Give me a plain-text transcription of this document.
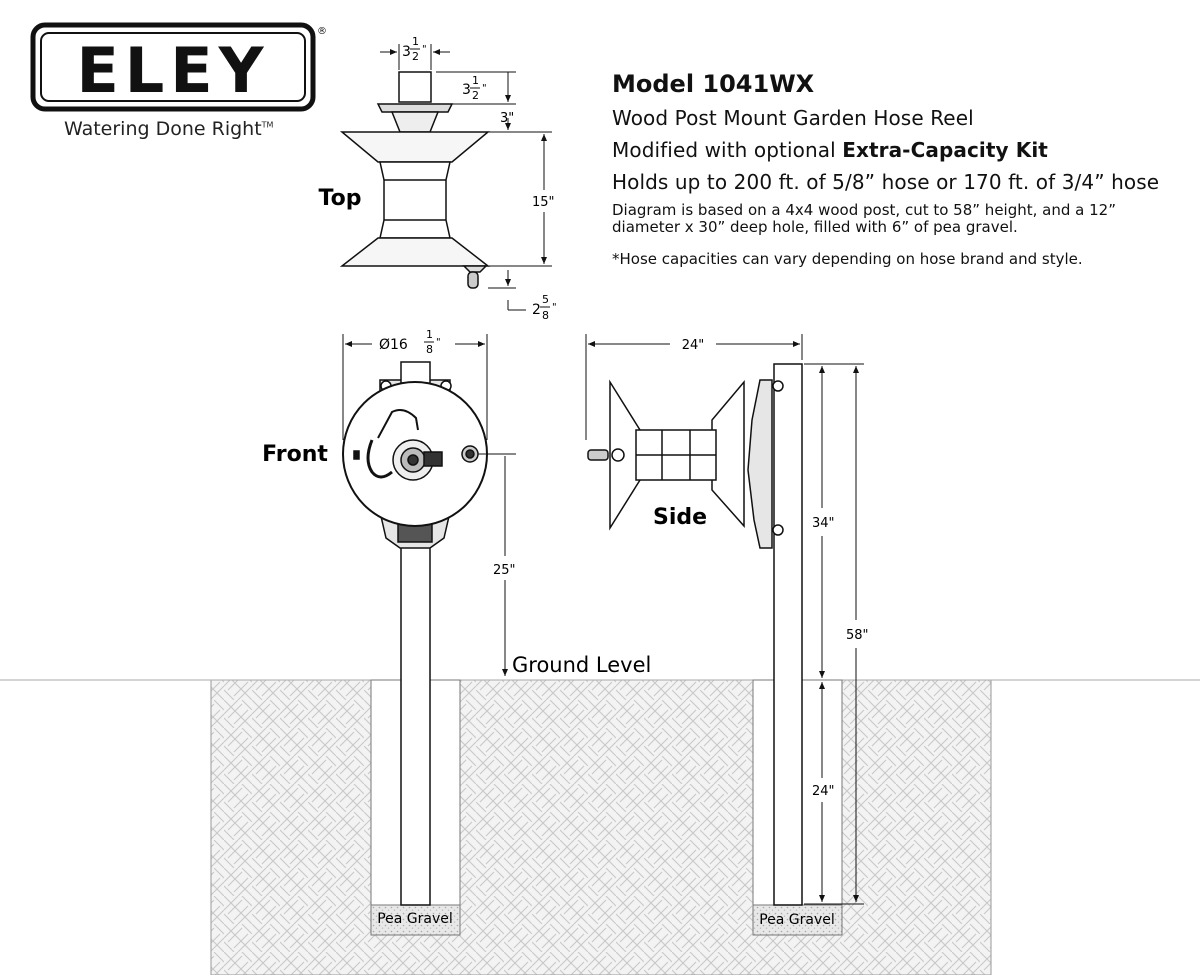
ELEY
®
Watering Done Right™
Model 1041WX
Wood Post Mount Garden Hose Reel
Modified with optional Extra-Capacity Kit
Holds up to 200 ft. of 5/8” hose or 170 ft. of 3/4” hose
Diagram is based on a 4x4 wood post, cut to 58” height, and a 12” diameter x 30” deep hole, filled with 6” of pea gravel.
*Hose capacities can vary depending on hose brand and style.
Pea Gravel	Pea Gravel
Ground Level
Top
3
1
2
"
3
1
2
"
3"
15"
2
5
8
"
Front
Ø16
1
8
"
25"
Side
24"
34"
58"
24"
